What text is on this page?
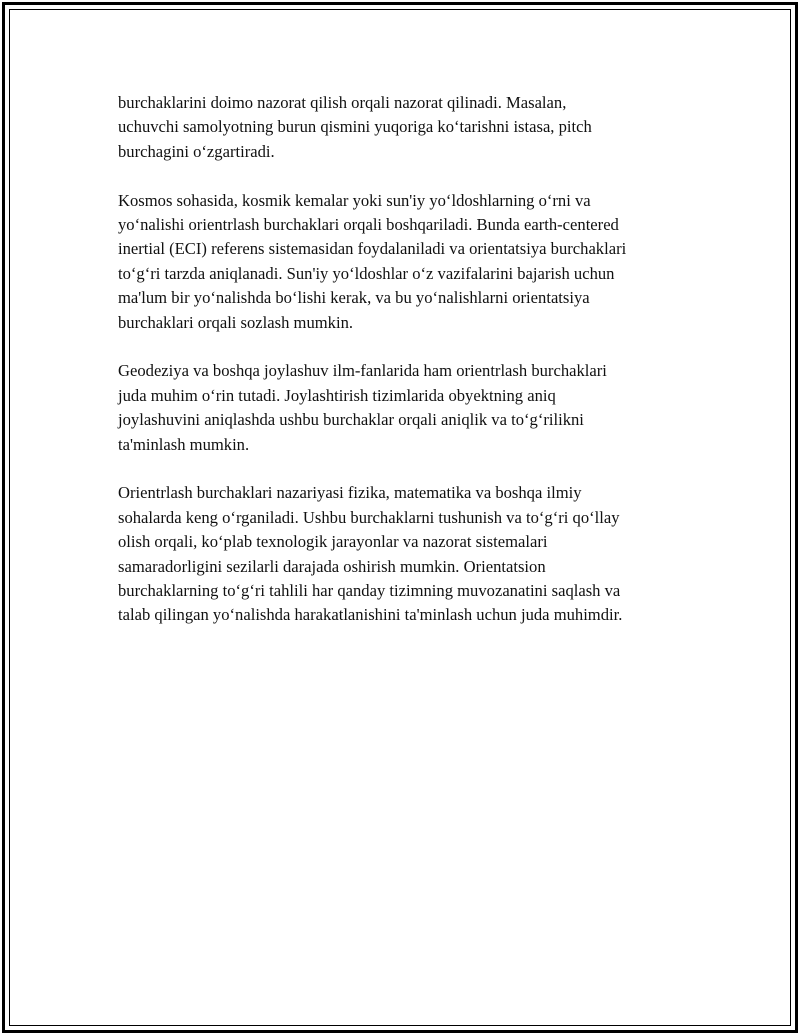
burchaklarini doimo nazorat qilish orqali nazorat qilinadi. Masalan,
uchuvchi samolyotning burun qismini yuqoriga ko‘tarishni istasa, pitch
burchagini o‘zgartiradi.

Kosmos sohasida, kosmik kemalar yoki sun'iy yo‘ldoshlarning o‘rni va
yo‘nalishi orientrlash burchaklari orqali boshqariladi. Bunda earth-centered
inertial (ECI) referens sistemasidan foydalaniladi va orientatsiya burchaklari
to‘g‘ri tarzda aniqlanadi. Sun'iy yo‘ldoshlar o‘z vazifalarini bajarish uchun
ma'lum bir yo‘nalishda bo‘lishi kerak, va bu yo‘nalishlarni orientatsiya
burchaklari orqali sozlash mumkin.

Geodeziya va boshqa joylashuv ilm-fanlarida ham orientrlash burchaklari
juda muhim o‘rin tutadi. Joylashtirish tizimlarida obyektning aniq
joylashuvini aniqlashda ushbu burchaklar orqali aniqlik va to‘g‘rilikni
ta'minlash mumkin.

Orientrlash burchaklari nazariyasi fizika, matematika va boshqa ilmiy
sohalarda keng o‘rganiladi. Ushbu burchaklarni tushunish va to‘g‘ri qo‘llay
olish orqali, ko‘plab texnologik jarayonlar va nazorat sistemalari
samaradorligini sezilarli darajada oshirish mumkin. Orientatsion
burchaklarning to‘g‘ri tahlili har qanday tizimning muvozanatini saqlash va
talab qilingan yo‘nalishda harakatlanishini ta'minlash uchun juda muhimdir.
